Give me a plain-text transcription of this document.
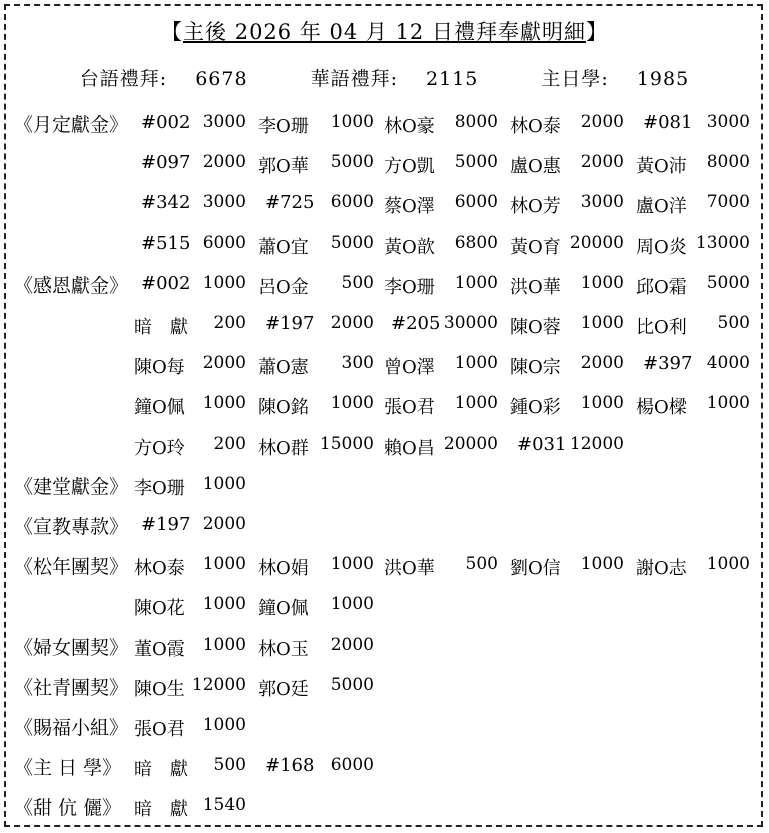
【主後 2026 年 04 月 12 日禮拜奉獻明細】
台語禮拜: 6678	華語禮拜: 2115	主日學: 1985
《月定獻金》 #002 3000 李O珊	1000 林O豪	8000 林O泰	2000 #081 3000
#097 2000 郭O華	5000 方O凱	5000 盧O惠	2000 黃O沛	8000
#342 3000 #725 6000 蔡O澤	6000 林O芳	3000 盧O洋	7000
#515 6000 蕭O宜	5000 黃O歆	6800 黃O育 20000 周O炎 13000
《感恩獻金》 #002 1000 呂O金	500 李O珊	1000 洪O華	1000 邱O霜	5000
暗　獻	200 #197 2000 #205 30000 陳O蓉	1000 比O利	500
陳O每	2000 蕭O憲	300 曾O澤	1000 陳O宗	2000 #397 4000
鐘O佩	1000 陳O銘	1000 張O君	1000 鍾O彩	1000 楊O樑	1000
方O玲	200 林O群 15000 賴O昌 20000 #031 12000
《建堂獻金》 李O珊	1000
《宣教專款》 #197 2000
《松年團契》 林O泰	1000 林O娟	1000 洪O華	500 劉O信	1000 謝O志	1000
陳O花	1000 鐘O佩	1000
《婦女團契》 董O霞	1000 林O玉	2000
《社青團契》 陳O生 12000 郭O廷	5000
《賜福小組》 張O君	1000
《主 日 學》 暗　獻	500 #168 6000
《甜 伉 儷》 暗　獻 1540
